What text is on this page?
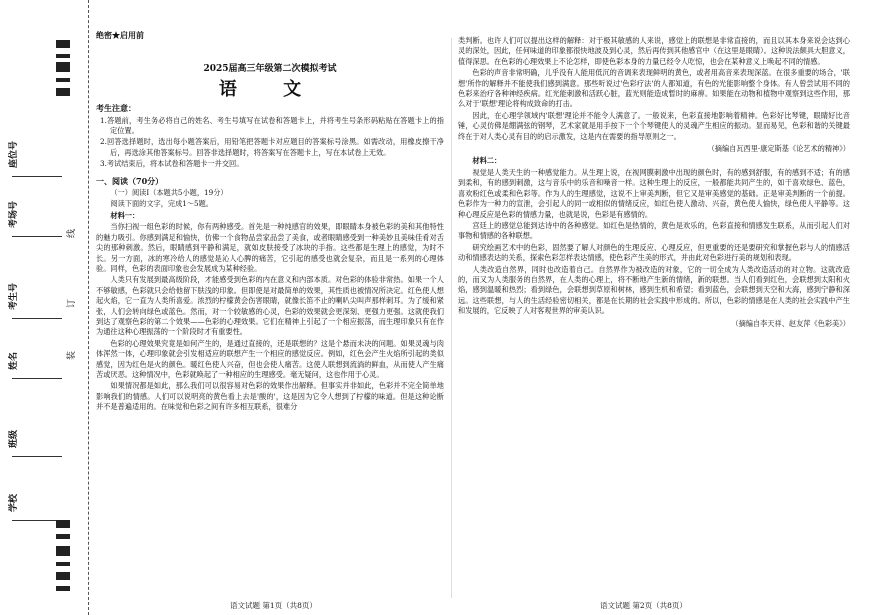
座位号
考场号
考生号
姓名
班级
学校
线
订
装
绝密★启用前
2025届高三年级第二次模拟考试
语 文
考生注意：
1.答题前，考生务必将自己的姓名、考生号填写在试卷和答题卡上，并将考生号条形码粘贴在答题卡上的指定位置。
2.回答选择题时，选出每小题答案后，用铅笔把答题卡对应题目的答案标号涂黑。如需改动，用橡皮擦干净后，再选涂其他答案标号。回答非选择题时，将答案写在答题卡上，写在本试卷上无效。
3.考试结束后，将本试卷和答题卡一并交回。
一、阅读（70分）
（一）阅读Ⅰ（本题共5小题，19分）
阅读下面的文字，完成1～5题。
材料一：

当你扫视一组色彩的时候，你有两种感受。首先是一种纯感官的效果，即眼睛本身被色彩的美和其他特性的魅力吸引。你感到满足和愉快，仿佛一个食物品尝家品尝了美食，或者眼睛感受到一种美妙且美味佳肴对舌尖的那种刺激。然后，眼睛感到平静和满足，就如皮肤接受了冰块的手指。这些都是生理上的感觉，为时不长。另一方面，冰的寒冷给人的感觉是沁人心脾的痛苦，它引起的感受也就会复杂，而且是一系列的心理体验。同样，色彩的表面印象也会发展成为某种经验。

人类只有发展到最高级阶段，才能感受到色彩的内在意义和内部本质。对色彩的体验非常热。如果一个人不够敏感，色彩就只会给他留下肤浅的印象。但即使是对最简单的效果，其性质也被情况所决定。红色使人想起火焰，它一直为人类所喜爱。浓烈的柠檬黄会伤害眼睛，就像长笛不止的喇叭尖叫声那样刺耳。为了缓和紧张，人们会转向绿色或蓝色。然而，对一个较敏感的心灵，色彩的效果就会更深刻、更强力更强。这就使我们到达了观察色彩的第二个效果——色彩的心理效果。它们在精神上引起了一个相应振荡，而生理印象只有在作为通往这种心理振荡的一个阶段时才有重要性。

色彩的心理效果究竟是如何产生的，是通过直接的，还是联想的？这是个悬而未决的问题。如果灵魂与肉体浑然一体，心理印象就会引发相适应的联想产生一个相应的感觉反应。例如，红色会产生火焰所引起的类似感觉，因为红色是火的颜色。暖红色使人兴奋，但也会使人痛苦。这使人联想到流淌的鲜血，从而使人产生痛苦或厌恶。这种情况中，色彩就唤起了一种相应的生理感受。毫无疑问，这也作用于心灵。

如果情况都是如此，那么我们可以很容易对色彩的效果作出解释。但事实并非如此，色彩并不完全简单地影响我们的情感。人们可以说明亮的黄色看上去是'酸的'，这是因为它令人想到了柠檬的味道。但是这种论断并不是普遍适用的。在味觉和色彩之间有许多相互联系，很难分

类判断。也许人们可以提出这样的解释：对于极其敏感的人来说，感觉上的联想是非常直接的，而且以其本身来说会达到心灵的深处，因此，任何味道的印象都很快地波及到心灵，然后再传到其他感官中（在这里是眼睛）。这种说法颇具大胆意义，值得深思。在色彩的心理效果上不论怎样，即使色彩本身的力量已经令人吃惊，也会在某种意义上唤起不同的情感。

色彩的声音非常明确，儿乎没有人能用低沉的音调来表现鲜明的黄色，或者用高音来表现深蓝。在很多重要的场合，'联想'所作的解释并不能使我们感到满意。那些听说过'色彩疗法'的人都知道，有色的光能影响整个身体。有人曾尝试用不同的色彩来治疗各种神经疾病。红光能刺激和活跃心脏，蓝光则能造成暂时的麻痹。如果能在动物和植物中观察到这些作用，那么对于'联想'理论将构成致命的打击。

因此，在心理学领域内'联想'理论并不能令人满意了。一般说来，色彩直接地影响着精神。色彩好比琴键，眼睛好比音锤，心灵仿佛是绷满弦的钢琴，艺术家就是用手按下一个个琴键使人的灵魂产生相应的振动。显而易见，色彩和谐的关键最终在于对人类心灵有目的的启示激发，这是内在需要的指导原则之一。

（摘编自瓦西里·康定斯基《论艺术的精神》）
材料二：

视觉是人类天生的一种感觉能力。从生理上说，在视网膜刺激中出现的颜色时，有的感到舒服，有的感到不适；有的感到柔和，有的感到刺激，这与音乐中的乐音和噪音一样。这种生理上的反应，一般都能共同产生的，如干喜欢绿色、蓝色，喜欢粉红色或柔和色彩等。作为人的生理感觉，这说不上审美判断，但它又是审美感觉的基础。正是审美判断的一个前提。色彩作为一种力的宣泄，会引起人的同一或相似的情绪反应，如红色使人激动、兴奋，黄色使人愉快，绿色使人平静等。这种心理反应是色彩的情感力量，也就是说，色彩是有感情的。

宫廷上的感觉总能到达诗中的各种感觉。如红色是热情的，黄色是欢乐的，色彩直接和情感发生联系，从而引起人们对事物和情感的各种联想。

研究绘画艺术中的色彩，固然要了解人对颜色的生理反应、心理反应，但更重要的还是要研究和掌握色彩与人的情感活动和情感表达的关系，探索色彩怎样表达情感，使色彩产生美的形式，并由此对色彩进行美的规划和表现。

人类改造自然界，同时也改造着自己。自然界作为被改造的对象，它的一切全成为人类改造活动的对立物。这就改造的，而又为人类服务的自然界，在人类的心理上，将不断地产生新的情绪，新的联想。当人们看到红色，会联想到太阳和火焰，感到温暖和热烈；看到绿色，会联想到草原和树林，感到生机和希望；看到蓝色，会联想到天空和大海，感到宁静和深远。这些联想，与人的生活经验密切相关，都是在长期的社会实践中形成的。所以，色彩的情感是在人类的社会实践中产生和发展的，它反映了人对客观世界的审美认识。

（摘编自李天祥、赵友萍《色彩美》）
语文试题 第1页（共8页）	语文试题 第2页（共8页）
